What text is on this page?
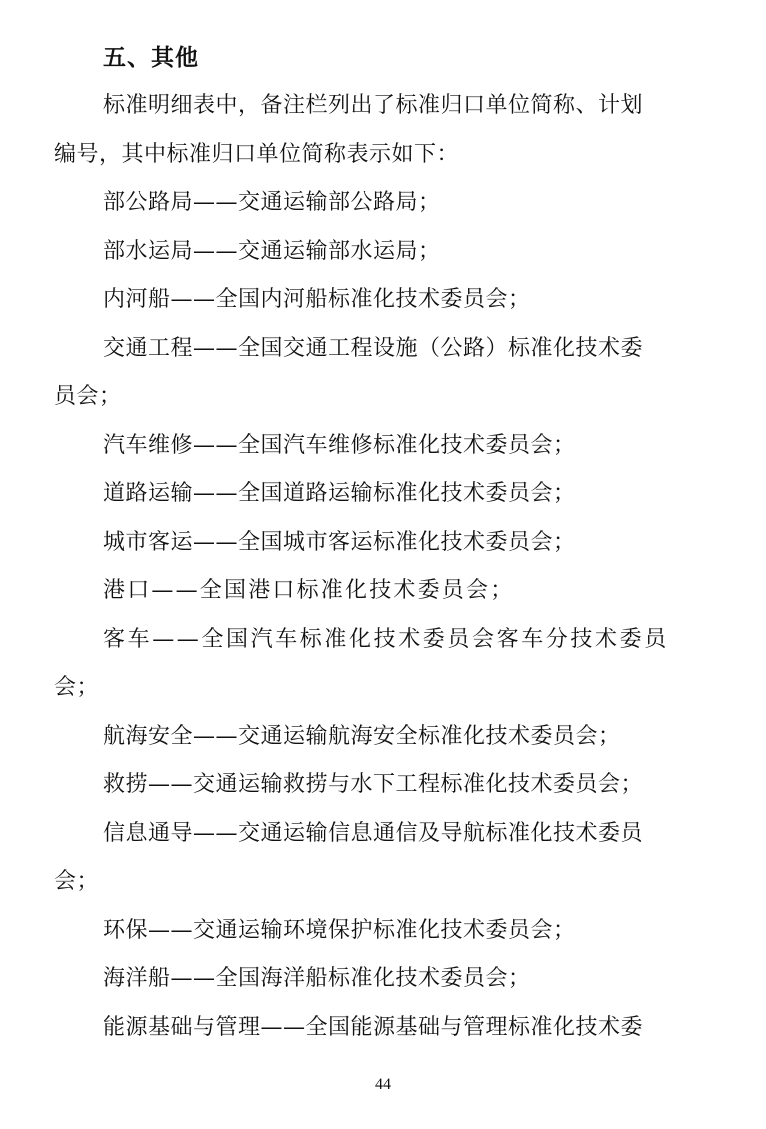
五、其他
标准明细表中，备注栏列出了标准归口单位简称、计划
编号，其中标准归口单位简称表示如下：
部公路局——交通运输部公路局；
部水运局——交通运输部水运局；
内河船——全国内河船标准化技术委员会；
交通工程——全国交通工程设施（公路）标准化技术委
员会；
汽车维修——全国汽车维修标准化技术委员会；
道路运输——全国道路运输标准化技术委员会；
城市客运——全国城市客运标准化技术委员会；
港口——全国港口标准化技术委员会；
客车——全国汽车标准化技术委员会客车分技术委员
会；
航海安全——交通运输航海安全标准化技术委员会；
救捞——交通运输救捞与水下工程标准化技术委员会；
信息通导——交通运输信息通信及导航标准化技术委员
会；
环保——交通运输环境保护标准化技术委员会；
海洋船——全国海洋船标准化技术委员会；
能源基础与管理——全国能源基础与管理标准化技术委
44
